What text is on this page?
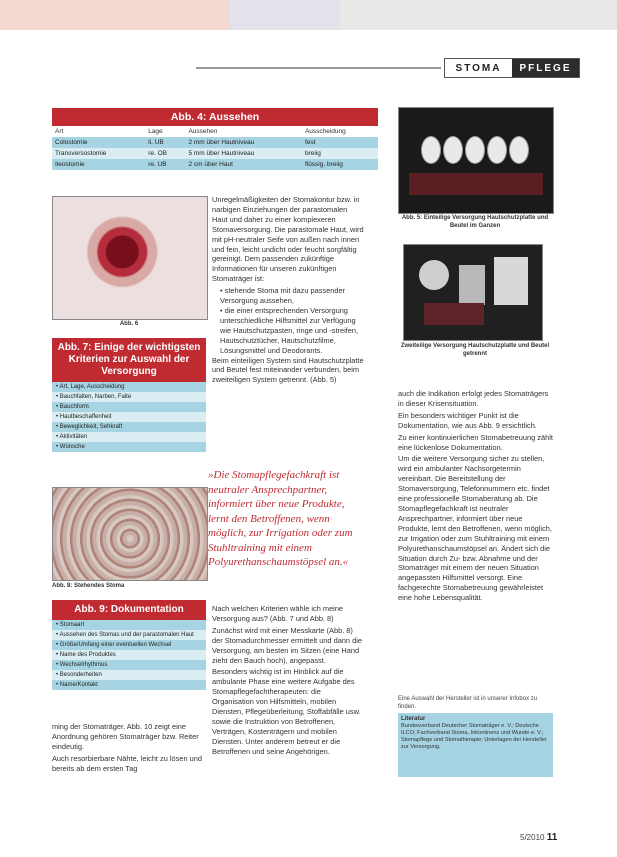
STOMA	PFLEGE
Abb. 4: Aussehen
Art	Lage	Aussehen	Ausscheidung
Colostomie	li. UB	2 mm über Hautniveau	fest
Transversostomie	re. OB	5 mm über Hautniveau	breiig
Ileostomie	re. UB	2 cm über Haut	flüssig, breiig
Abb. 6
Abb. 7: Einige der wichtigsten Kriterien zur Auswahl der Versorgung
• Art, Lage, Ausscheidung
• Bauchfalten, Narben, Falte
• Bauchform
• Hautbeschaffenheit
• Beweglichkeit, Sehkraft
• Aktivitäten
• Wünsche
Abb. 8: Stehendes Stoma
Abb. 9: Dokumentation
• Stomaart
• Aussehen des Stomas und der parastomalen Haut
• Größe/Umfang einer eventuellen Wechsel
• Name des Produktes
• Wechselrhythmus
• Besonderheiten
• Name/Kontakt

ming der Stomaträger. Abb. 10 zeigt eine Anordnung gehören Stomaträger bzw. Reiter eindeutig.

Auch resorbierbare Nähte, leicht zu lösen und bereits ab dem ersten Tag

Unregelmäßigkeiten der Stomakontur bzw. in narbigen Einziehungen der parastomalen Haut und daher zu einer komplexeren Stomaversorgung. Die parastomale Haut, wird mit pH-neutraler Seife von außen nach innen und fein, leicht undicht oder feucht sorgfältig gereinigt. Dem passenden zukünftige Informationen für unseren zukünftigen Stomaträger ist:

• stehende Stoma mit dazu passender Versorgung aussehen,
• die einer entsprechenden Versorgung unterschiedliche Hilfsmittel zur Verfügung wie Hautschutzpasten, ringe und -streifen, Hautschutztücher, Hautschutzfilme, Lösungsmittel und Deodorants.

Beim einteiligen System sind Hautschutzplatte und Beutel fest miteinander verbunden, beim zweiteiligen System getrennt. (Abb. 5)

»Die Stomapflegefachkraft ist neutraler Ansprechpartner, informiert über neue Produkte, lernt den Betroffenen, wenn möglich, zur Irrigation oder zum Stuhltraining mit einem Polyurethanschaumstöpsel an.«

Nach welchen Kriterien wähle ich meine Versorgung aus? (Abb. 7 und Abb. 8)

Zunächst wird mit einer Messkarte (Abb. 8) der Stomadurchmesser ermittelt und dann die Versorgung, am besten im Sitzen (eine Hand zieht den Bauch hoch), angepasst.

Besonders wichtig ist im Hinblick auf die ambulante Phase eine weitere Aufgabe des Stomapflegefachtherapeuten: die Organisation von Hilfsmitteln, mobilen Diensten, Pflegeüberleitung, Stoffabfälle usw. sowie die Instruktion von Betroffenen, Verträgen, Kostenträgern und mobilen Diensten. Unter anderem betreut er die Betroffenen und seine Angehörigen.

Abb. 5: Einteilige Versorgung Hautschutzplatte und Beutel im Ganzen
Zweiteilige Versorgung Hautschutzplatte und Beutel getrennt

auch die Indikation erfolgt jedes Stomaträgers in dieser Krisensituation.

Ein besonders wichtiger Punkt ist die Dokumentation, wie aus Abb. 9 ersichtlich.

Zu einer kontinuierlichen Stomabetreuung zählt eine lückenlose Dokumentation.

Um die weitere Versorgung sicher zu stellen, wird ein ambulanter Nachsorgetermin vereinbart. Die Bereitstellung der Stomaversorgung, Telefonnummern etc. findet eine professionelle Stomaberatung ab. Die Stomapflegefachkraft ist neutraler Ansprechpartner, informiert über neue Produkte, lernt den Betroffenen, wenn möglich, zur Irrigation oder zum Stuhltraining mit einem Polyurethanschaumstöpsel an. Ändert sich die Situation durch Zu- bzw. Abnahme und der Stomaträger mit einem der neuen Situation angepassten Hilfsmittel versorgt. Eine fachgerechte Stomabetreuung gewährleistet eine hohe Lebensqualität.

Eine Auswahl der Hersteller ist in unserer Infobox zu finden.
Literatur
Bundesverband Deutscher Stomaträger e. V.; Deutsche ILCO; Fachverband Stoma, Inkontinenz und Wunde e. V.; Stomapflege und Stomatherapie; Unterlagen der Hersteller zur Versorgung.
5/2010 11
